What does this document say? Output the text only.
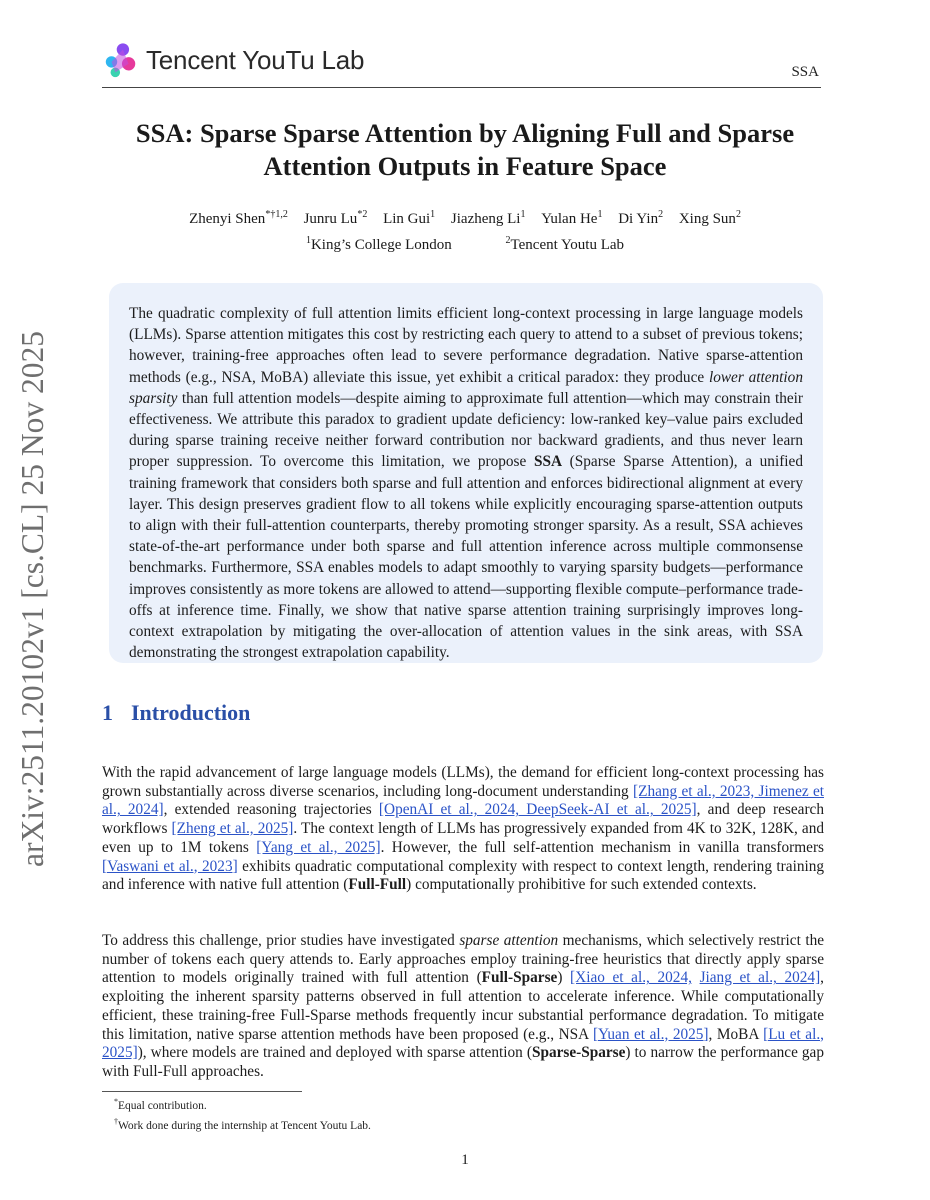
Tencent YouTu Lab	SSA
arXiv:2511.20102v1 [cs.CL] 25 Nov 2025
SSA: Sparse Sparse Attention by Aligning Full and Sparse
Attention Outputs in Feature Space
Zhenyi Shen$^{*\dagger 1,2}$ Junru Lu$^{*2}$ Lin Gui$^1$ Jiazheng Li$^1$ Yulan He$^1$ Di Yin$^2$ Xing Sun$^2$
$^1$King’s College London	$^2$Tencent Youtu Lab

The quadratic complexity of full attention limits efficient long-context processing in large language models (LLMs). Sparse attention mitigates this cost by restricting each query to attend to a subset of previous tokens; however, training-free approaches often lead to severe performance degradation. Native sparse-attention methods (e.g., NSA, MoBA) alleviate this issue, yet exhibit a critical paradox: they produce lower attention sparsity than full attention models—despite aiming to approximate full attention—which may constrain their effectiveness. We attribute this paradox to gradient update deficiency: low-ranked key–value pairs excluded during sparse training receive neither forward contribution nor backward gradients, and thus never learn proper suppression. To overcome this limitation, we propose SSA (Sparse Sparse Attention), a unified training framework that considers both sparse and full attention and enforces bidirectional alignment at every layer. This design preserves gradient flow to all tokens while explicitly encouraging sparse-attention outputs to align with their full-attention counterparts, thereby promoting stronger sparsity. As a result, SSA achieves state-of-the-art performance under both sparse and full attention inference across multiple commonsense benchmarks. Furthermore, SSA enables models to adapt smoothly to varying sparsity budgets—performance improves consistently as more tokens are allowed to attend—supporting flexible compute–performance trade-offs at inference time. Finally, we show that native sparse attention training surprisingly improves long-context extrapolation by mitigating the over-allocation of attention values in the sink areas, with SSA demonstrating the strongest extrapolation capability.

1 Introduction

With the rapid advancement of large language models (LLMs), the demand for efficient long-context processing has grown substantially across diverse scenarios, including long-document understanding [Zhang et al., 2023, Jimenez et al., 2024], extended reasoning trajectories [OpenAI et al., 2024, DeepSeek-AI et al., 2025], and deep research workflows [Zheng et al., 2025]. The context length of LLMs has progressively expanded from 4K to 32K, 128K, and even up to 1M tokens [Yang et al., 2025]. However, the full self-attention mechanism in vanilla transformers [Vaswani et al., 2023] exhibits quadratic computational complexity with respect to context length, rendering training and inference with native full attention (Full-Full) computationally prohibitive for such extended contexts.

To address this challenge, prior studies have investigated sparse attention mechanisms, which selectively restrict the number of tokens each query attends to. Early approaches employ training-free heuristics that directly apply sparse attention to models originally trained with full attention (Full-Sparse) [Xiao et al., 2024, Jiang et al., 2024], exploiting the inherent sparsity patterns observed in full attention to accelerate inference. While computationally efficient, these training-free Full-Sparse methods frequently incur substantial performance degradation. To mitigate this limitation, native sparse attention methods have been proposed (e.g., NSA [Yuan et al., 2025], MoBA [Lu et al., 2025]), where models are trained and deployed with sparse attention (Sparse-Sparse) to narrow the performance gap with Full-Full approaches.

*Equal contribution.
†Work done during the internship at Tencent Youtu Lab.
1
